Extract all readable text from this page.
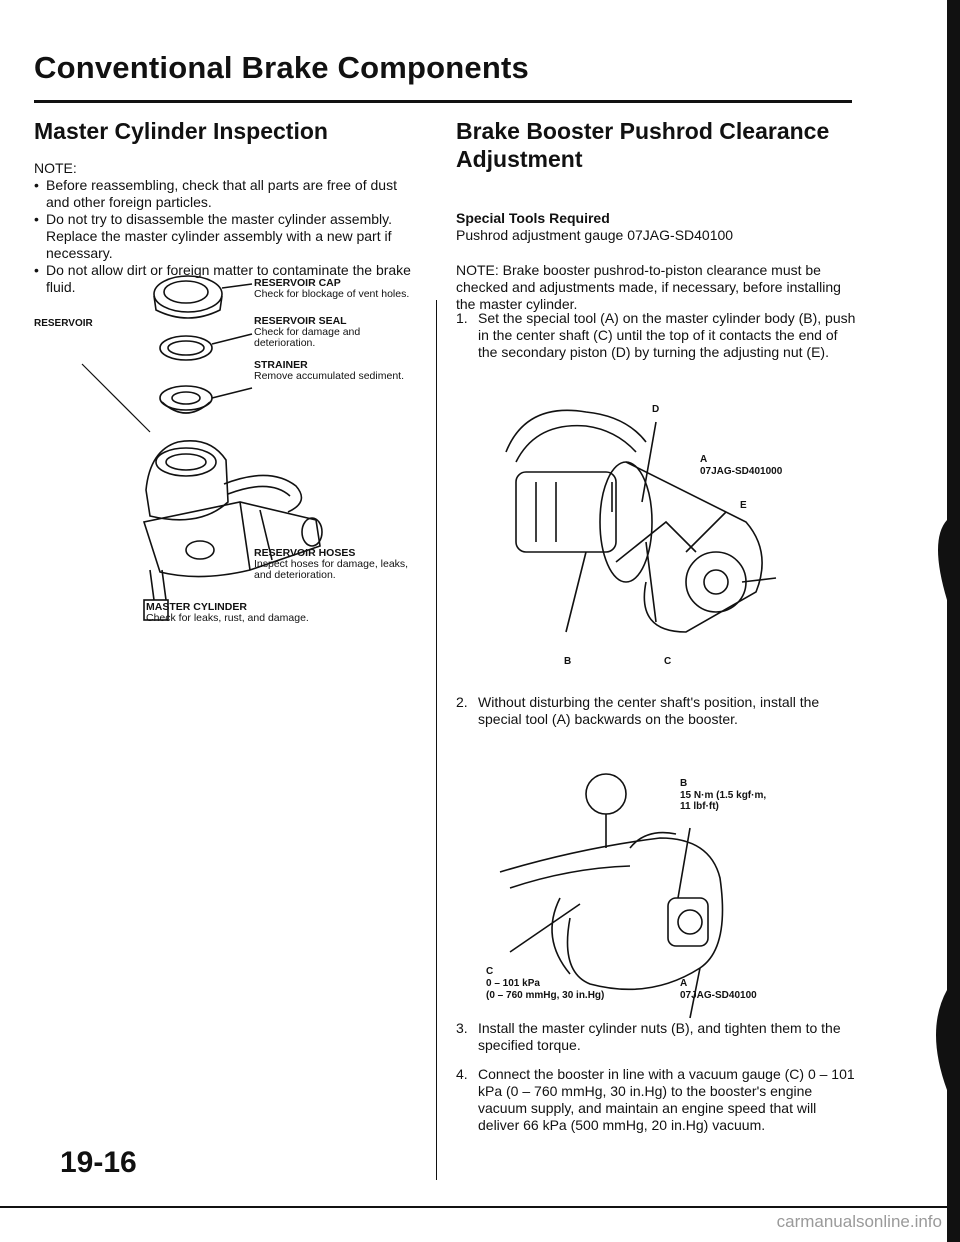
Conventional Brake Components
Master Cylinder Inspection
NOTE:
• Before reassembling, check that all parts are free of dust and other foreign particles.
• Do not try to disassemble the master cylinder assembly. Replace the master cylinder assembly with a new part if necessary.
• Do not allow dirt or foreign matter to contaminate the brake fluid.
RESERVOIR
RESERVOIR CAP
Check for blockage of vent holes.
RESERVOIR SEAL
Check for damage and deterioration.
STRAINER
Remove accumulated sediment.
RESERVOIR HOSES
Inspect hoses for damage, leaks, and deterioration.
MASTER CYLINDER
Check for leaks, rust, and damage.
Brake Booster Pushrod Clearance
Adjustment
Special Tools Required
Pushrod adjustment gauge 07JAG-SD40100
NOTE: Brake booster pushrod-to-piston clearance must be checked and adjustments made, if necessary, before installing the master cylinder.
1. Set the special tool (A) on the master cylinder body (B), push in the center shaft (C) until the top of it contacts the end of the secondary piston (D) by turning the adjusting nut (E).
D
A
07JAG-SD401000
E
B	C
2. Without disturbing the center shaft's position, install the special tool (A) backwards on the booster.
B
15 N·m (1.5 kgf·m,
11 lbf·ft)
C
0 – 101 kPa
(0 – 760 mmHg, 30 in.Hg)
A
07JAG-SD40100
3. Install the master cylinder nuts (B), and tighten them to the specified torque.
4. Connect the booster in line with a vacuum gauge (C) 0 – 101 kPa (0 – 760 mmHg, 30 in.Hg) to the booster's engine vacuum supply, and maintain an engine speed that will deliver 66 kPa (500 mmHg, 20 in.Hg) vacuum.
19-16
carmanualsonline.info
